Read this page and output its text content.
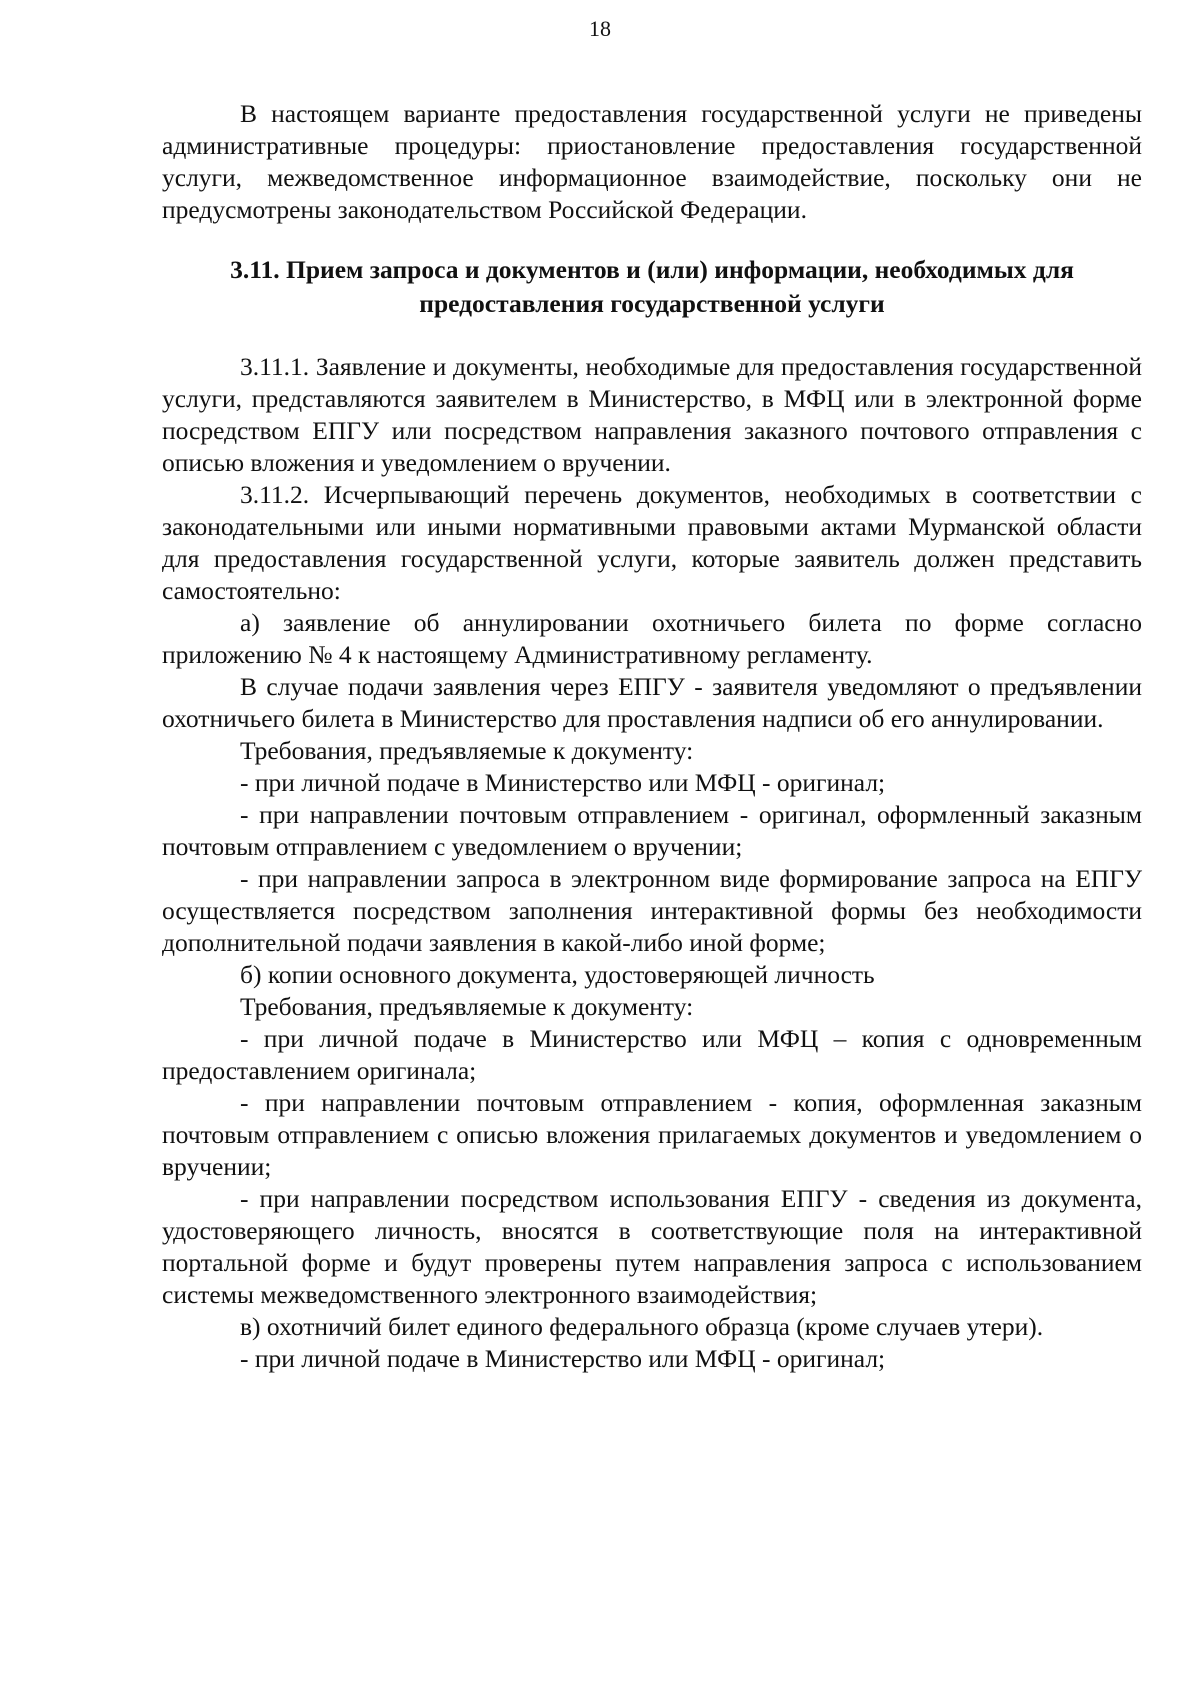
18

В настоящем варианте предоставления государственной услуги не приведены административные процедуры: приостановление предоставления государственной услуги, межведомственное информационное взаимодействие, поскольку они не предусмотрены законодательством Российской Федерации.

3.11. Прием запроса и документов и (или) информации, необходимых для предоставления государственной услуги

3.11.1. Заявление и документы, необходимые для предоставления государственной услуги, представляются заявителем в Министерство, в МФЦ или в электронной форме посредством ЕПГУ или посредством направления заказного почтового отправления с описью вложения и уведомлением о вручении.

3.11.2. Исчерпывающий перечень документов, необходимых в соответствии с законодательными или иными нормативными правовыми актами Мурманской области для предоставления государственной услуги, которые заявитель должен представить самостоятельно:

а) заявление об аннулировании охотничьего билета по форме согласно приложению № 4 к настоящему Административному регламенту.

В случае подачи заявления через ЕПГУ - заявителя уведомляют о предъявлении охотничьего билета в Министерство для проставления надписи об его аннулировании.

Требования, предъявляемые к документу:

- при личной подаче в Министерство или МФЦ - оригинал;

- при направлении почтовым отправлением - оригинал, оформленный заказным почтовым отправлением с уведомлением о вручении;

- при направлении запроса в электронном виде формирование запроса на ЕПГУ осуществляется посредством заполнения интерактивной формы без необходимости дополнительной подачи заявления в какой-либо иной форме;

б) копии основного документа, удостоверяющей личность

Требования, предъявляемые к документу:

- при личной подаче в Министерство или МФЦ – копия с одновременным предоставлением оригинала;

- при направлении почтовым отправлением - копия, оформленная заказным почтовым отправлением с описью вложения прилагаемых документов и уведомлением о вручении;

- при направлении посредством использования ЕПГУ - сведения из документа, удостоверяющего личность, вносятся в соответствующие поля на интерактивной портальной форме и будут проверены путем направления запроса с использованием системы межведомственного электронного взаимодействия;

в) охотничий билет единого федерального образца (кроме случаев утери).

- при личной подаче в Министерство или МФЦ - оригинал;
